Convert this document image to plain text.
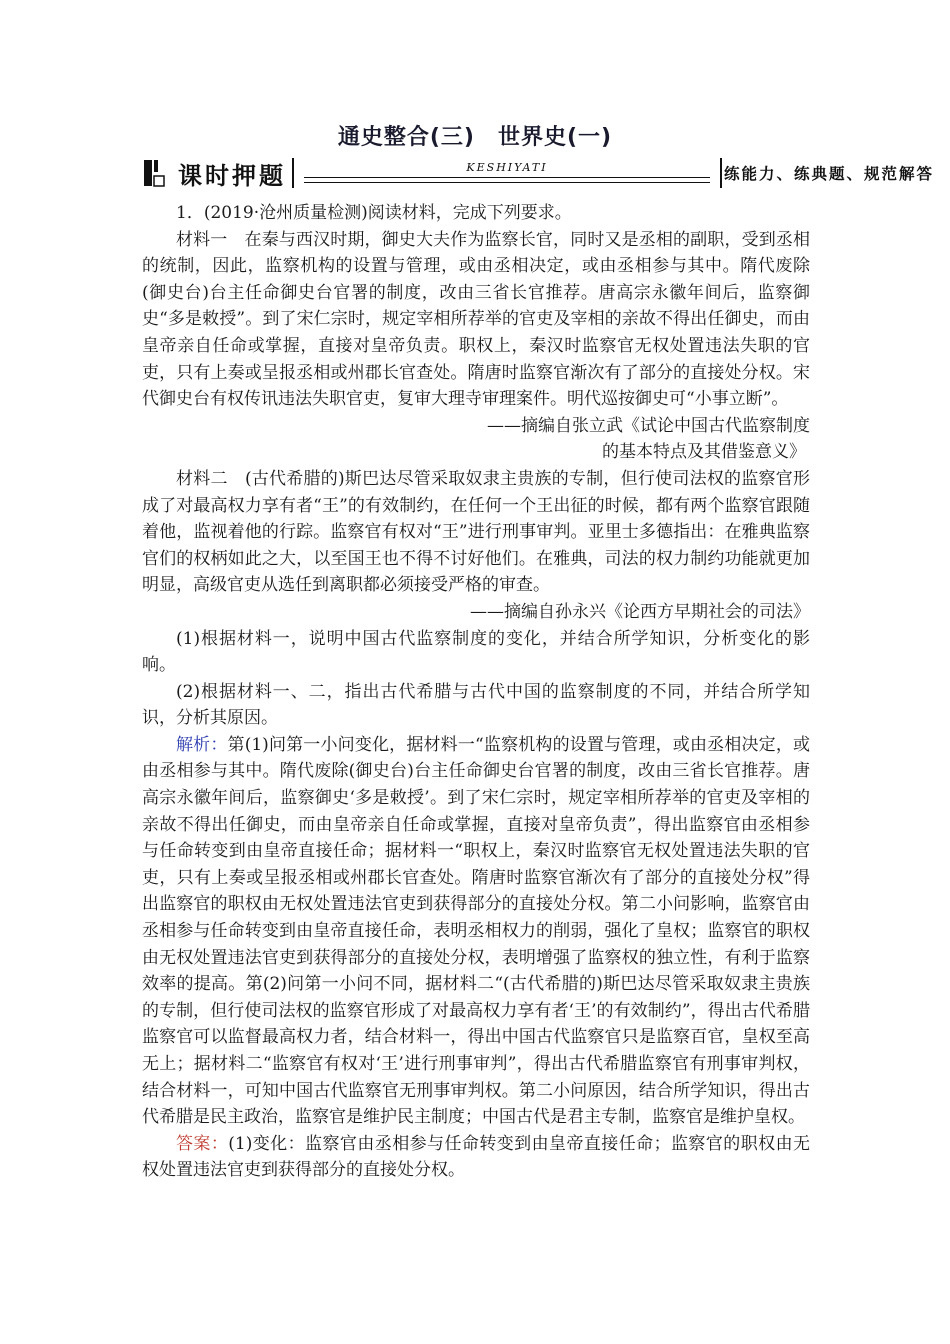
通史整合(三)　世界史(一)
课时押题	KESHIYATI	练能力、练典题、规范解答

1．(2019·沧州质量检测)阅读材料，完成下列要求。

材料一　在秦与西汉时期，御史大夫作为监察长官，同时又是丞相的副职，受到丞相的统制，因此，监察机构的设置与管理，或由丞相决定，或由丞相参与其中。隋代废除(御史台)台主任命御史台官署的制度，改由三省长官推荐。唐高宗永徽年间后，监察御史“多是敕授”。到了宋仁宗时，规定宰相所荐举的官吏及宰相的亲故不得出任御史，而由皇帝亲自任命或掌握，直接对皇帝负责。职权上，秦汉时监察官无权处置违法失职的官吏，只有上奏或呈报丞相或州郡长官查处。隋唐时监察官渐次有了部分的直接处分权。宋代御史台有权传讯违法失职官吏，复审大理寺审理案件。明代巡按御史可“小事立断”。

——摘编自张立武《试论中国古代监察制度

的基本特点及其借鉴意义》

材料二　(古代希腊的)斯巴达尽管采取奴隶主贵族的专制，但行使司法权的监察官形成了对最高权力享有者“王”的有效制约，在任何一个王出征的时候，都有两个监察官跟随着他，监视着他的行踪。监察官有权对“王”进行刑事审判。亚里士多德指出：在雅典监察官们的权柄如此之大，以至国王也不得不讨好他们。在雅典，司法的权力制约功能就更加明显，高级官吏从选任到离职都必须接受严格的审查。

——摘编自孙永兴《论西方早期社会的司法》

(1)根据材料一，说明中国古代监察制度的变化，并结合所学知识，分析变化的影响。

(2)根据材料一、二，指出古代希腊与古代中国的监察制度的不同，并结合所学知识，分析其原因。

解析：第(1)问第一小问变化，据材料一“监察机构的设置与管理，或由丞相决定，或由丞相参与其中。隋代废除(御史台)台主任命御史台官署的制度，改由三省长官推荐。唐高宗永徽年间后，监察御史‘多是敕授’。到了宋仁宗时，规定宰相所荐举的官吏及宰相的亲故不得出任御史，而由皇帝亲自任命或掌握，直接对皇帝负责”，得出监察官由丞相参与任命转变到由皇帝直接任命；据材料一“职权上，秦汉时监察官无权处置违法失职的官吏，只有上奏或呈报丞相或州郡长官查处。隋唐时监察官渐次有了部分的直接处分权”得出监察官的职权由无权处置违法官吏到获得部分的直接处分权。第二小问影响，监察官由丞相参与任命转变到由皇帝直接任命，表明丞相权力的削弱，强化了皇权；监察官的职权由无权处置违法官吏到获得部分的直接处分权，表明增强了监察权的独立性，有利于监察效率的提高。第(2)问第一小问不同，据材料二“(古代希腊的)斯巴达尽管采取奴隶主贵族的专制，但行使司法权的监察官形成了对最高权力享有者‘王’的有效制约”，得出古代希腊监察官可以监督最高权力者，结合材料一，得出中国古代监察官只是监察百官，皇权至高无上；据材料二“监察官有权对‘王’进行刑事审判”，得出古代希腊监察官有刑事审判权，结合材料一，可知中国古代监察官无刑事审判权。第二小问原因，结合所学知识，得出古代希腊是民主政治，监察官是维护民主制度；中国古代是君主专制，监察官是维护皇权。

答案：(1)变化：监察官由丞相参与任命转变到由皇帝直接任命；监察官的职权由无权处置违法官吏到获得部分的直接处分权。
